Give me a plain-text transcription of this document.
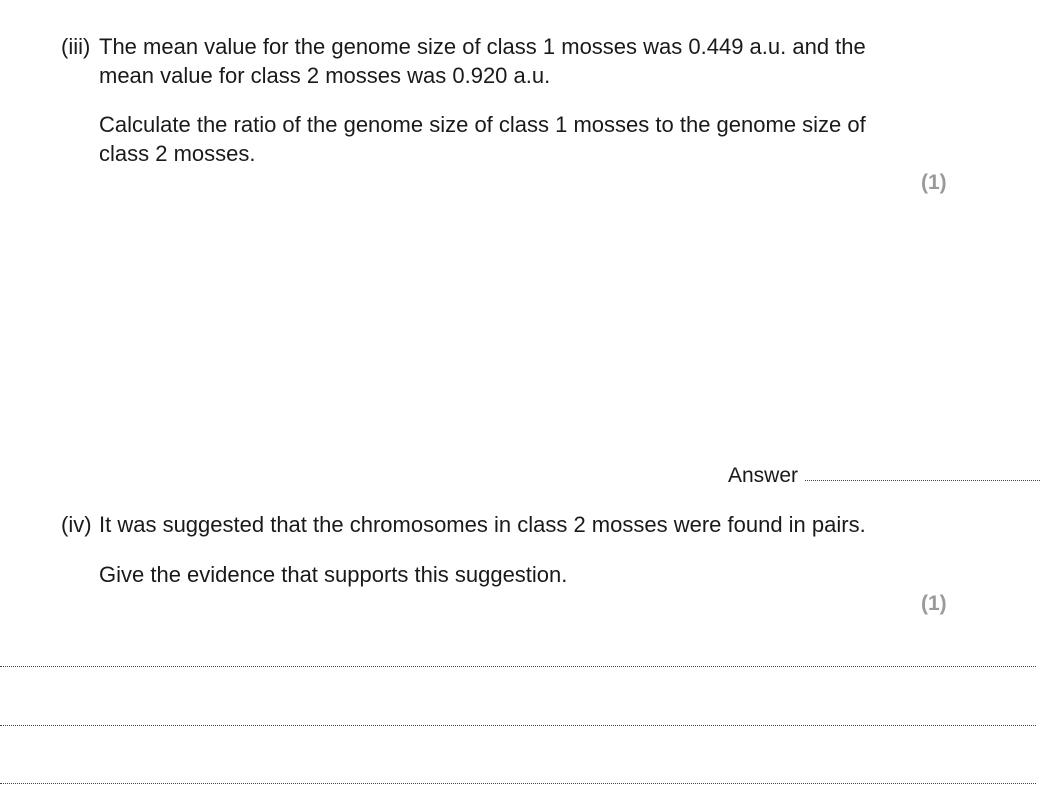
(iii) The mean value for the genome size of class 1 mosses was 0.449 a.u. and the
mean value for class 2 mosses was 0.920 a.u.
Calculate the ratio of the genome size of class 1 mosses to the genome size of
class 2 mosses.
(1)
Answer
(iv) It was suggested that the chromosomes in class 2 mosses were found in pairs.
Give the evidence that supports this suggestion.
(1)
